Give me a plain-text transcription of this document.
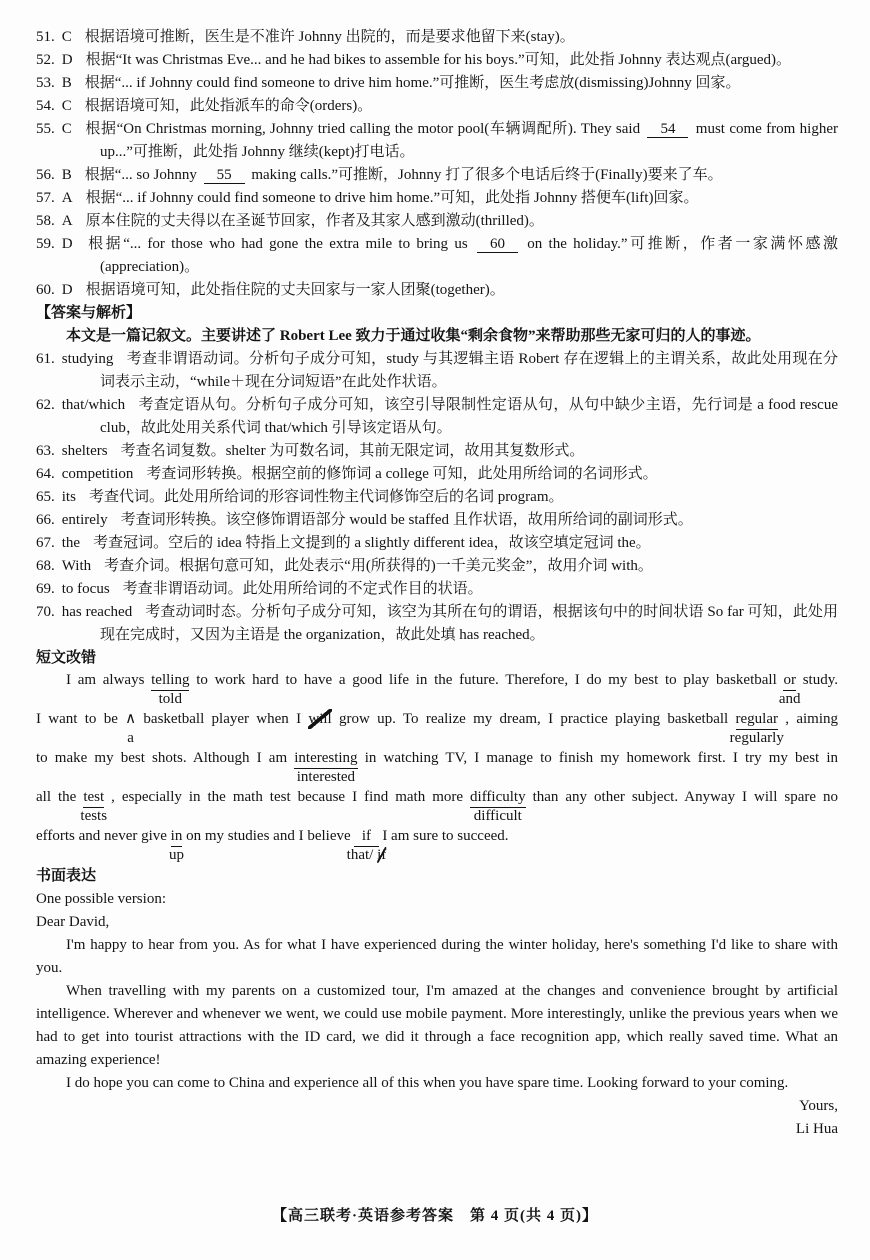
51. C 根据语境可推断，医生是不准许 Johnny 出院的，而是要求他留下来(stay)。
52. D 根据“It was Christmas Eve... and he had bikes to assemble for his boys.”可知，此处指 Johnny 表达观点(argued)。
53. B 根据“... if Johnny could find someone to drive him home.”可推断，医生考虑放(dismissing)Johnny 回家。
54. C 根据语境可知，此处指派车的命令(orders)。
55. C 根据“On Christmas morning, Johnny tried calling the motor pool(车辆调配所). They said 54 must come from higher up...”可推断，此处指 Johnny 继续(kept)打电话。
56. B 根据“... so Johnny 55 making calls.”可推断，Johnny 打了很多个电话后终于(Finally)要来了车。
57. A 根据“... if Johnny could find someone to drive him home.”可知，此处指 Johnny 搭便车(lift)回家。
58. A 原本住院的丈夫得以在圣诞节回家，作者及其家人感到激动(thrilled)。
59. D 根据“... for those who had gone the extra mile to bring us 60 on the holiday.”可推断，作者一家满怀感激(appreciation)。
60. D 根据语境可知，此处指住院的丈夫回家与一家人团聚(together)。
【答案与解析】

本文是一篇记叙文。主要讲述了 Robert Lee 致力于通过收集“剩余食物”来帮助那些无家可归的人的事迹。

61. studying 考查非谓语动词。分析句子成分可知，study 与其逻辑主语 Robert 存在逻辑上的主谓关系，故此处用现在分词表示主动，“while＋现在分词短语”在此处作状语。
62. that/which 考查定语从句。分析句子成分可知，该空引导限制性定语从句，从句中缺少主语，先行词是 a food rescue club，故此处用关系代词 that/which 引导该定语从句。
63. shelters 考查名词复数。shelter 为可数名词，其前无限定词，故用其复数形式。
64. competition 考查词形转换。根据空前的修饰词 a college 可知，此处用所给词的名词形式。
65. its 考查代词。此处用所给词的形容词性物主代词修饰空后的名词 program。
66. entirely 考查词形转换。该空修饰谓语部分 would be staffed 且作状语，故用所给词的副词形式。
67. the 考查冠词。空后的 idea 特指上文提到的 a slightly different idea，故该空填定冠词 the。
68. With 考查介词。根据句意可知，此处表示“用(所获得的)一千美元奖金”，故用介词 with。
69. to focus 考查非谓语动词。此处用所给词的不定式作目的状语。
70. has reached 考查动词时态。分析句子成分可知，该空为其所在句的谓语，根据该句中的时间状语 So far 可知，此处用现在完成时，又因为主语是 the organization，故此处填 has reached。
短文改错
I am always telling
told
to work hard to have a good life in the future. Therefore, I do my best to play basketball or
and
study.
I want to be ∧
a
basketball player when I will grow up. To realize my dream, I practice playing basketball regular
regularly
, aiming
to make my best shots. Although I am interesting
interested
in watching TV, I manage to finish my homework first. I try my best in
all the test
tests
, especially in the math test because I find math more difficulty
difficult
than any other subject. Anyway I will spare no
efforts and never give in
up
on my studies and I believe   if
that/ if
I am sure to succeed.
书面表达
One possible version:
Dear David,

I'm happy to hear from you. As for what I have experienced during the winter holiday, here's something I'd like to share with you.

When travelling with my parents on a customized tour, I'm amazed at the changes and convenience brought by artificial intelligence. Wherever and whenever we went, we could use mobile payment. More interestingly, unlike the previous years when we had to get into tourist attractions with the ID card, we did it through a face recognition app, which really saved time. What an amazing experience!

I do hope you can come to China and experience all of this when you have spare time. Looking forward to your coming.

Yours,
Li Hua
【高三联考·英语参考答案　第 4 页(共 4 页)】
